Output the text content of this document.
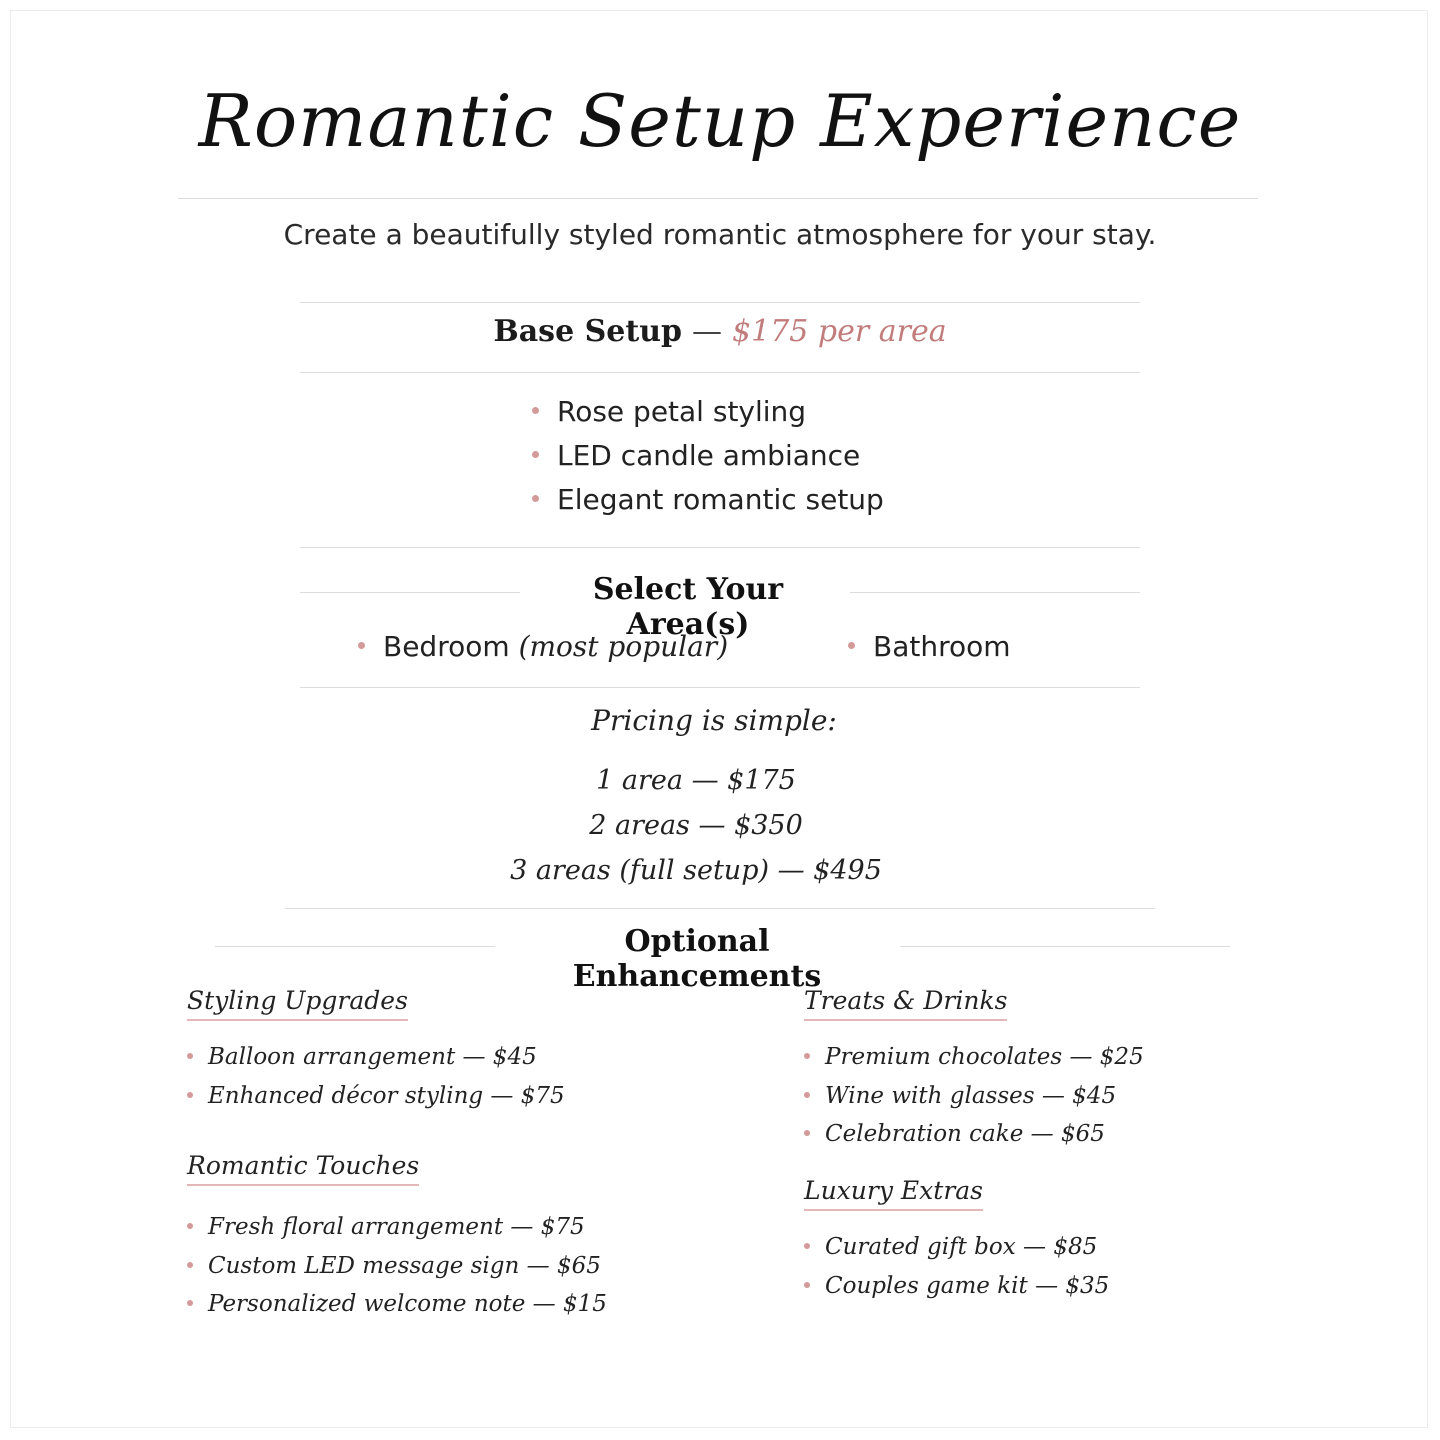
Romantic Setup Experience
Create a beautifully styled romantic atmosphere for your stay.
Base Setup — $175 per area
Rose petal styling
LED candle ambiance
Elegant romantic setup
Select Your Area(s)
Bedroom (most popular)	Bathroom
Pricing is simple:
1 area — $175
2 areas — $350
3 areas (full setup) — $495
Optional Enhancements
Styling Upgrades
Balloon arrangement — $45
Enhanced décor styling — $75
Romantic Touches
Fresh floral arrangement — $75
Custom LED message sign — $65
Personalized welcome note — $15
Treats & Drinks
Premium chocolates — $25
Wine with glasses — $45
Celebration cake — $65
Luxury Extras
Curated gift box — $85
Couples game kit — $35
